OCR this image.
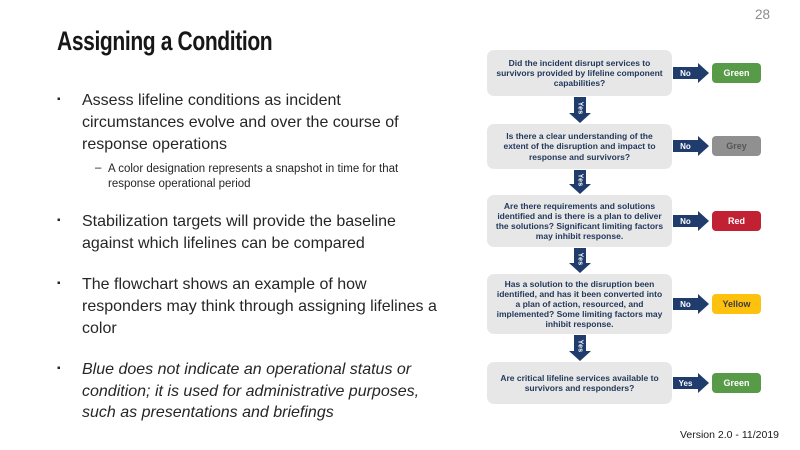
28
Assigning a Condition
▪	Assess lifeline conditions as incident circumstances evolve and over the course of response operations
– A color designation represents a snapshot in time for that response operational period
▪	Stabilization targets will provide the baseline against which lifelines can be compared
▪	The flowchart shows an example of how responders may think through assigning lifelines a color
▪	Blue does not indicate an operational status or condition; it is used for administrative purposes, such as presentations and briefings
Did the incident disrupt services to survivors provided by lifeline component capabilities?
No	Green
Yes
Is there a clear understanding of the extent of the disruption and impact to response and survivors?
No	Grey
Yes
Are there requirements and solutions identified and is there is a plan to deliver the solutions? Significant limiting factors may inhibit response.
No	Red
Yes
Has a solution to the disruption been identified, and has it been converted into a plan of action, resourced, and implemented? Some limiting factors may inhibit response.
No	Yellow
Yes
Are critical lifeline services available to survivors and responders?	Yes	Green
Version 2.0 - 11/2019
